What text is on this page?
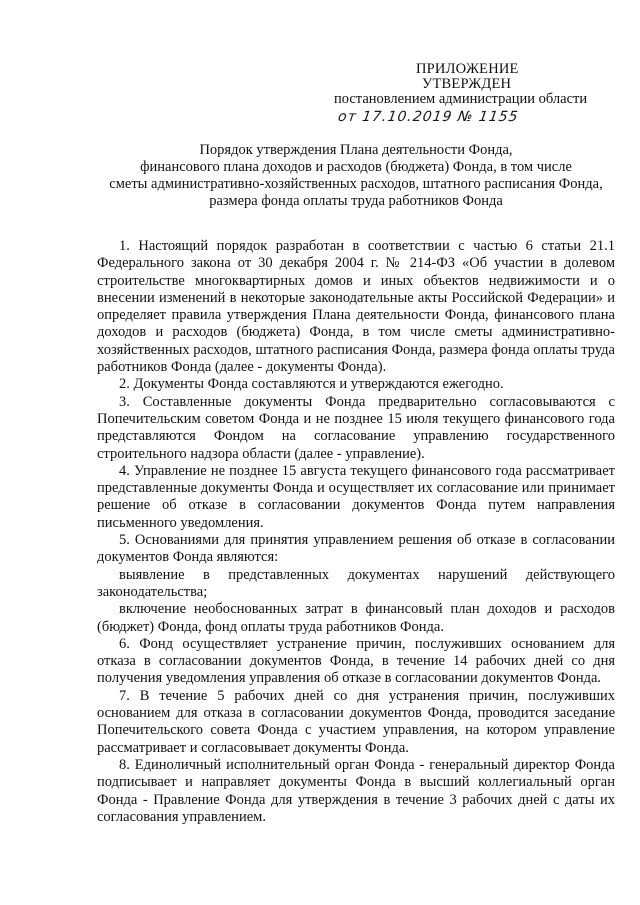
ПРИЛОЖЕНИЕ
УТВЕРЖДЕН
постановлением администрации области
от 17.10.2019 № 1155
Порядок утверждения Плана деятельности Фонда,
финансового плана доходов и расходов (бюджета) Фонда, в том числе
сметы административно-хозяйственных расходов, штатного расписания Фонда,
размера фонда оплаты труда работников Фонда

1. Настоящий порядок разработан в соответствии с частью 6 статьи 21.1 Федерального закона от 30 декабря 2004 г. № 214-ФЗ «Об участии в долевом строительстве многоквартирных домов и иных объектов недвижимости и о внесении изменений в некоторые законодательные акты Российской Федерации» и определяет правила утверждения Плана деятельности Фонда, финансового плана доходов и расходов (бюджета) Фонда, в том числе сметы административно-хозяйственных расходов, штатного расписания Фонда, размера фонда оплаты труда работников Фонда (далее - документы Фонда).

2. Документы Фонда составляются и утверждаются ежегодно.

3. Составленные документы Фонда предварительно согласовываются с Попечительским советом Фонда и не позднее 15 июля текущего финансового года представляются Фондом на согласование управлению государственного строительного надзора области (далее - управление).

4. Управление не позднее 15 августа текущего финансового года рассматривает представленные документы Фонда и осуществляет их согласование или принимает решение об отказе в согласовании документов Фонда путем направления письменного уведомления.

5. Основаниями для принятия управлением решения об отказе в согласовании документов Фонда являются:

выявление в представленных документах нарушений действующего законодательства;

включение необоснованных затрат в финансовый план доходов и расходов (бюджет) Фонда, фонд оплаты труда работников Фонда.

6. Фонд осуществляет устранение причин, послуживших основанием для отказа в согласовании документов Фонда, в течение 14 рабочих дней со дня получения уведомления управления об отказе в согласовании документов Фонда.

7. В течение 5 рабочих дней со дня устранения причин, послуживших основанием для отказа в согласовании документов Фонда, проводится заседание Попечительского совета Фонда с участием управления, на котором управление рассматривает и согласовывает документы Фонда.

8. Единоличный исполнительный орган Фонда - генеральный директор Фонда подписывает и направляет документы Фонда в высший коллегиальный орган Фонда - Правление Фонда для утверждения в течение 3 рабочих дней с даты их согласования управлением.
